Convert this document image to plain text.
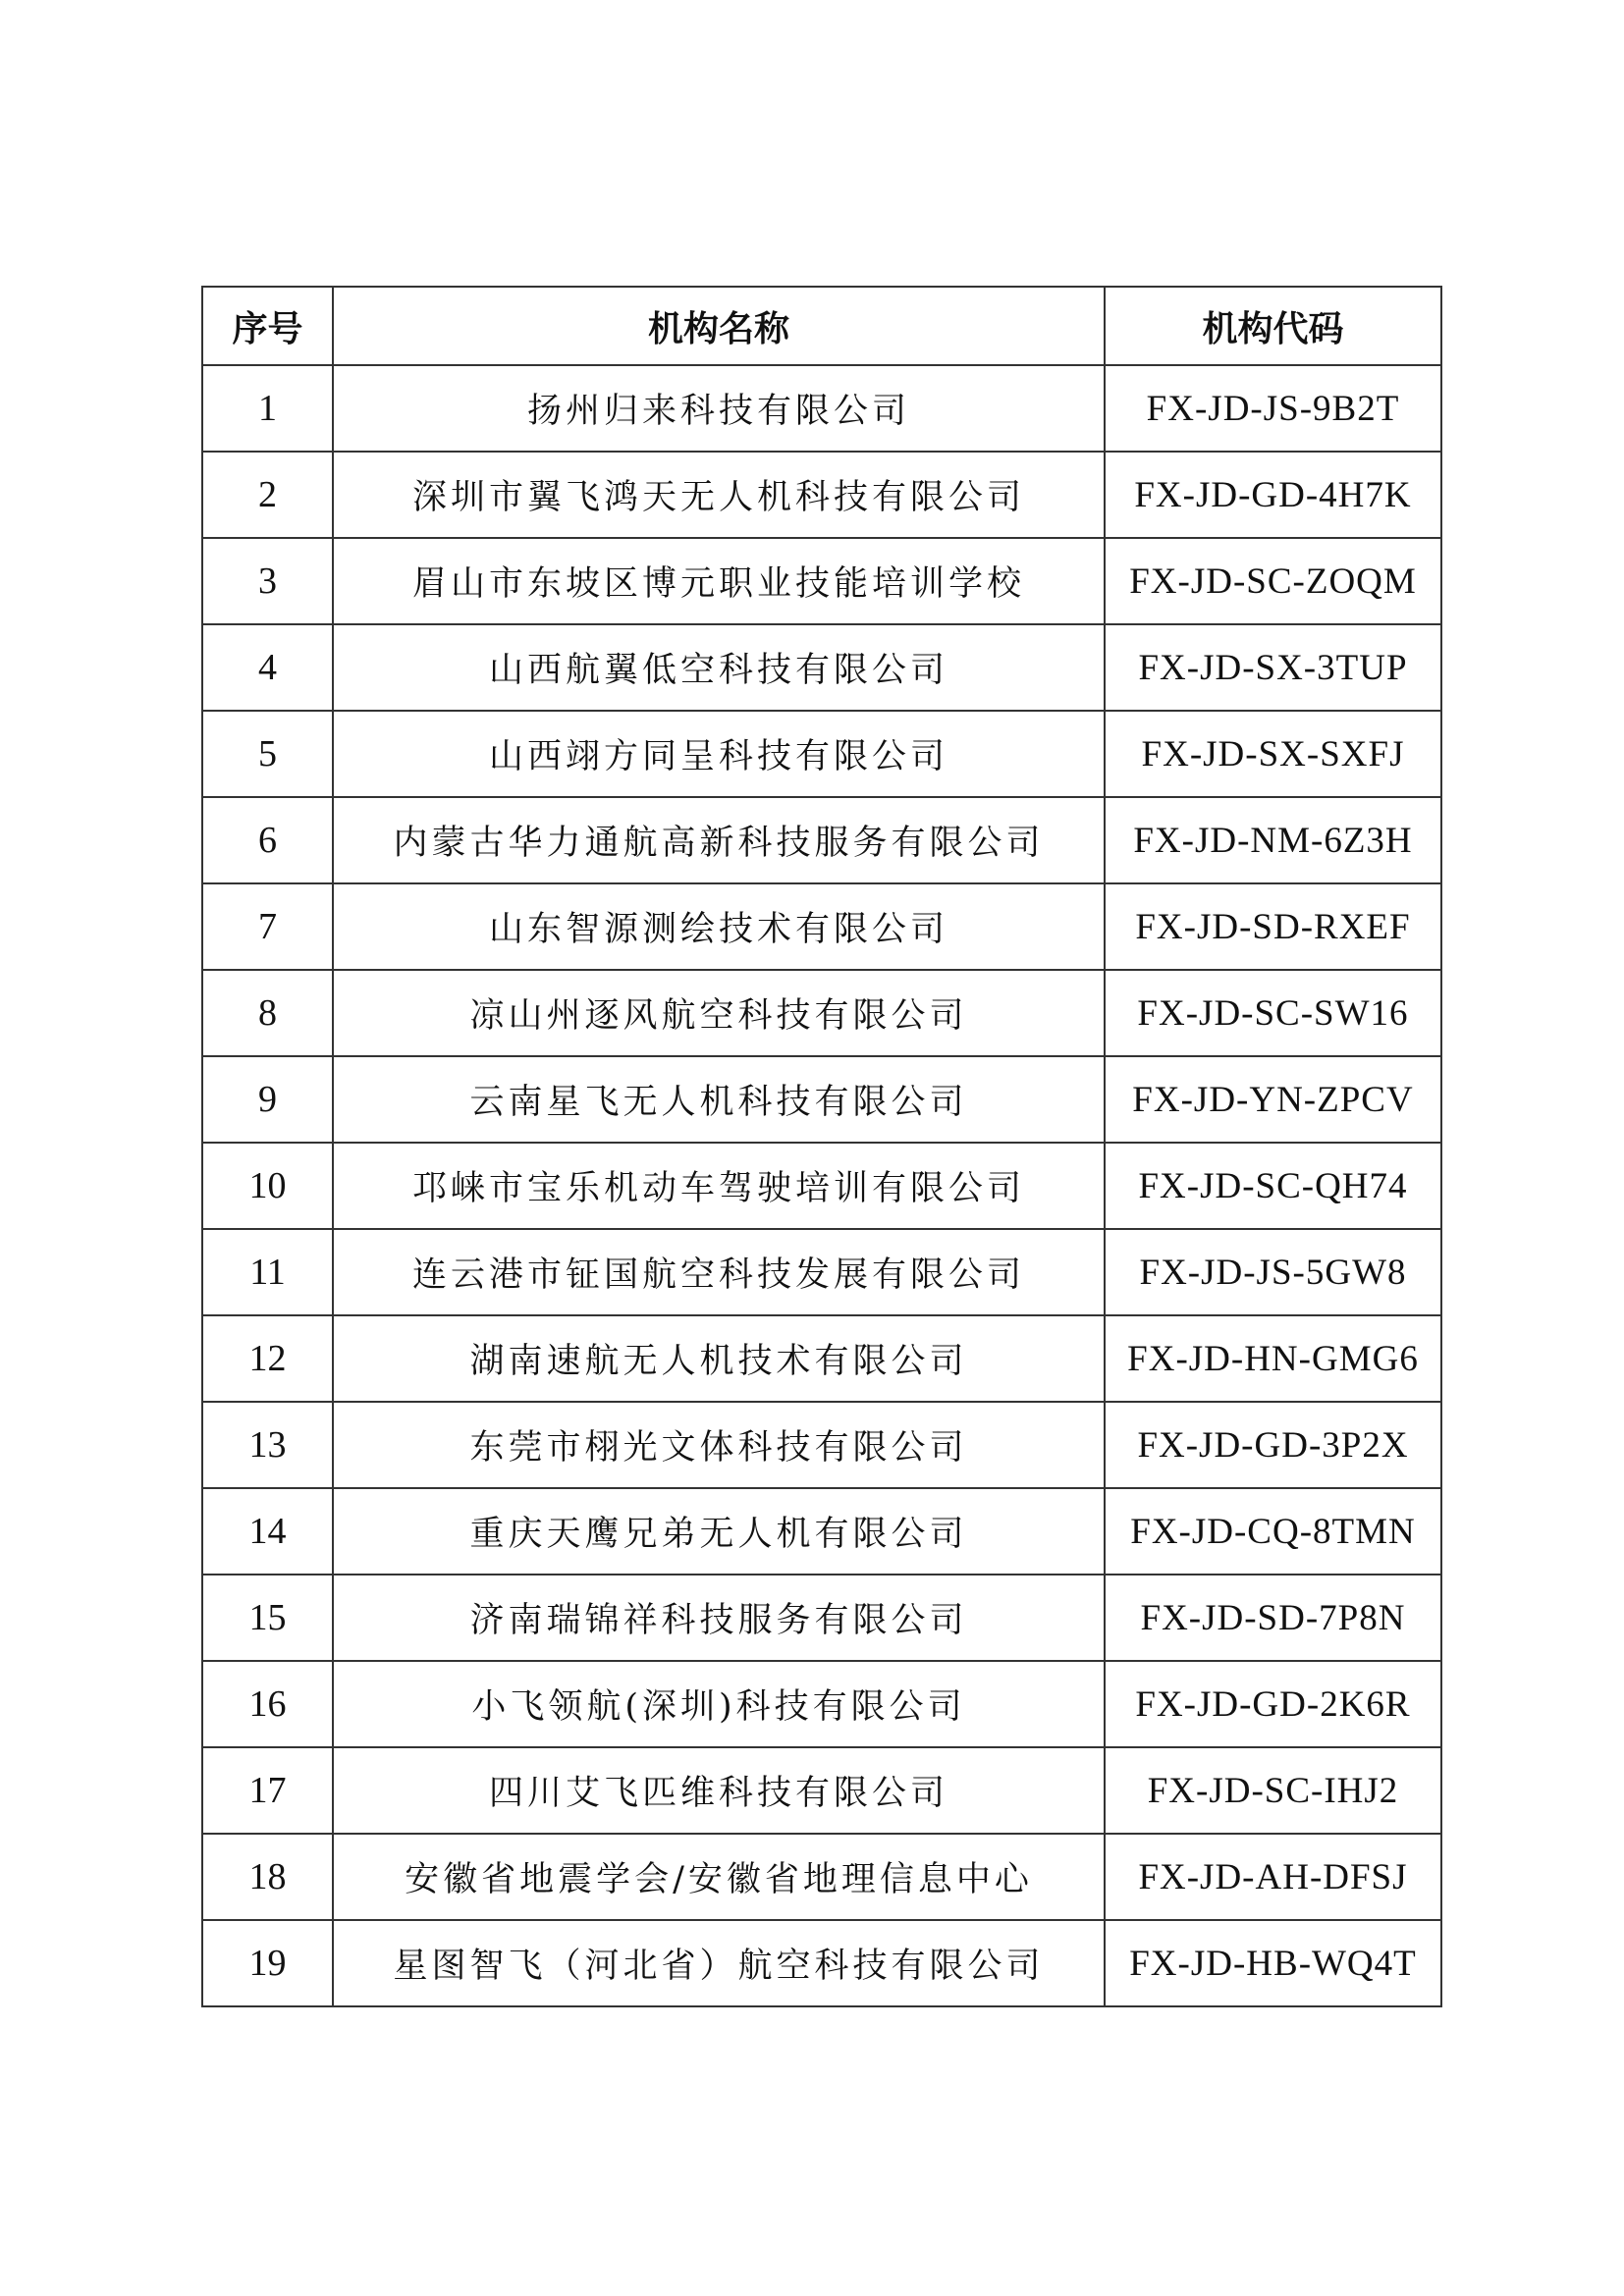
序号	机构名称	机构代码
1	扬州归来科技有限公司	FX-JD-JS-9B2T
2	深圳市翼飞鸿天无人机科技有限公司	FX-JD-GD-4H7K
3	眉山市东坡区博元职业技能培训学校	FX-JD-SC-ZOQM
4	山西航翼低空科技有限公司	FX-JD-SX-3TUP
5	山西翊方同呈科技有限公司	FX-JD-SX-SXFJ
6	内蒙古华力通航高新科技服务有限公司	FX-JD-NM-6Z3H
7	山东智源测绘技术有限公司	FX-JD-SD-RXEF
8	凉山州逐风航空科技有限公司	FX-JD-SC-SW16
9	云南星飞无人机科技有限公司	FX-JD-YN-ZPCV
10	邛崃市宝乐机动车驾驶培训有限公司	FX-JD-SC-QH74
11	连云港市钲国航空科技发展有限公司	FX-JD-JS-5GW8
12	湖南速航无人机技术有限公司	FX-JD-HN-GMG6
13	东莞市栩光文体科技有限公司	FX-JD-GD-3P2X
14	重庆天鹰兄弟无人机有限公司	FX-JD-CQ-8TMN
15	济南瑞锦祥科技服务有限公司	FX-JD-SD-7P8N
16	小飞领航(深圳)科技有限公司	FX-JD-GD-2K6R
17	四川艾飞匹维科技有限公司	FX-JD-SC-IHJ2
18	安徽省地震学会/安徽省地理信息中心	FX-JD-AH-DFSJ
19	星图智飞（河北省）航空科技有限公司	FX-JD-HB-WQ4T
